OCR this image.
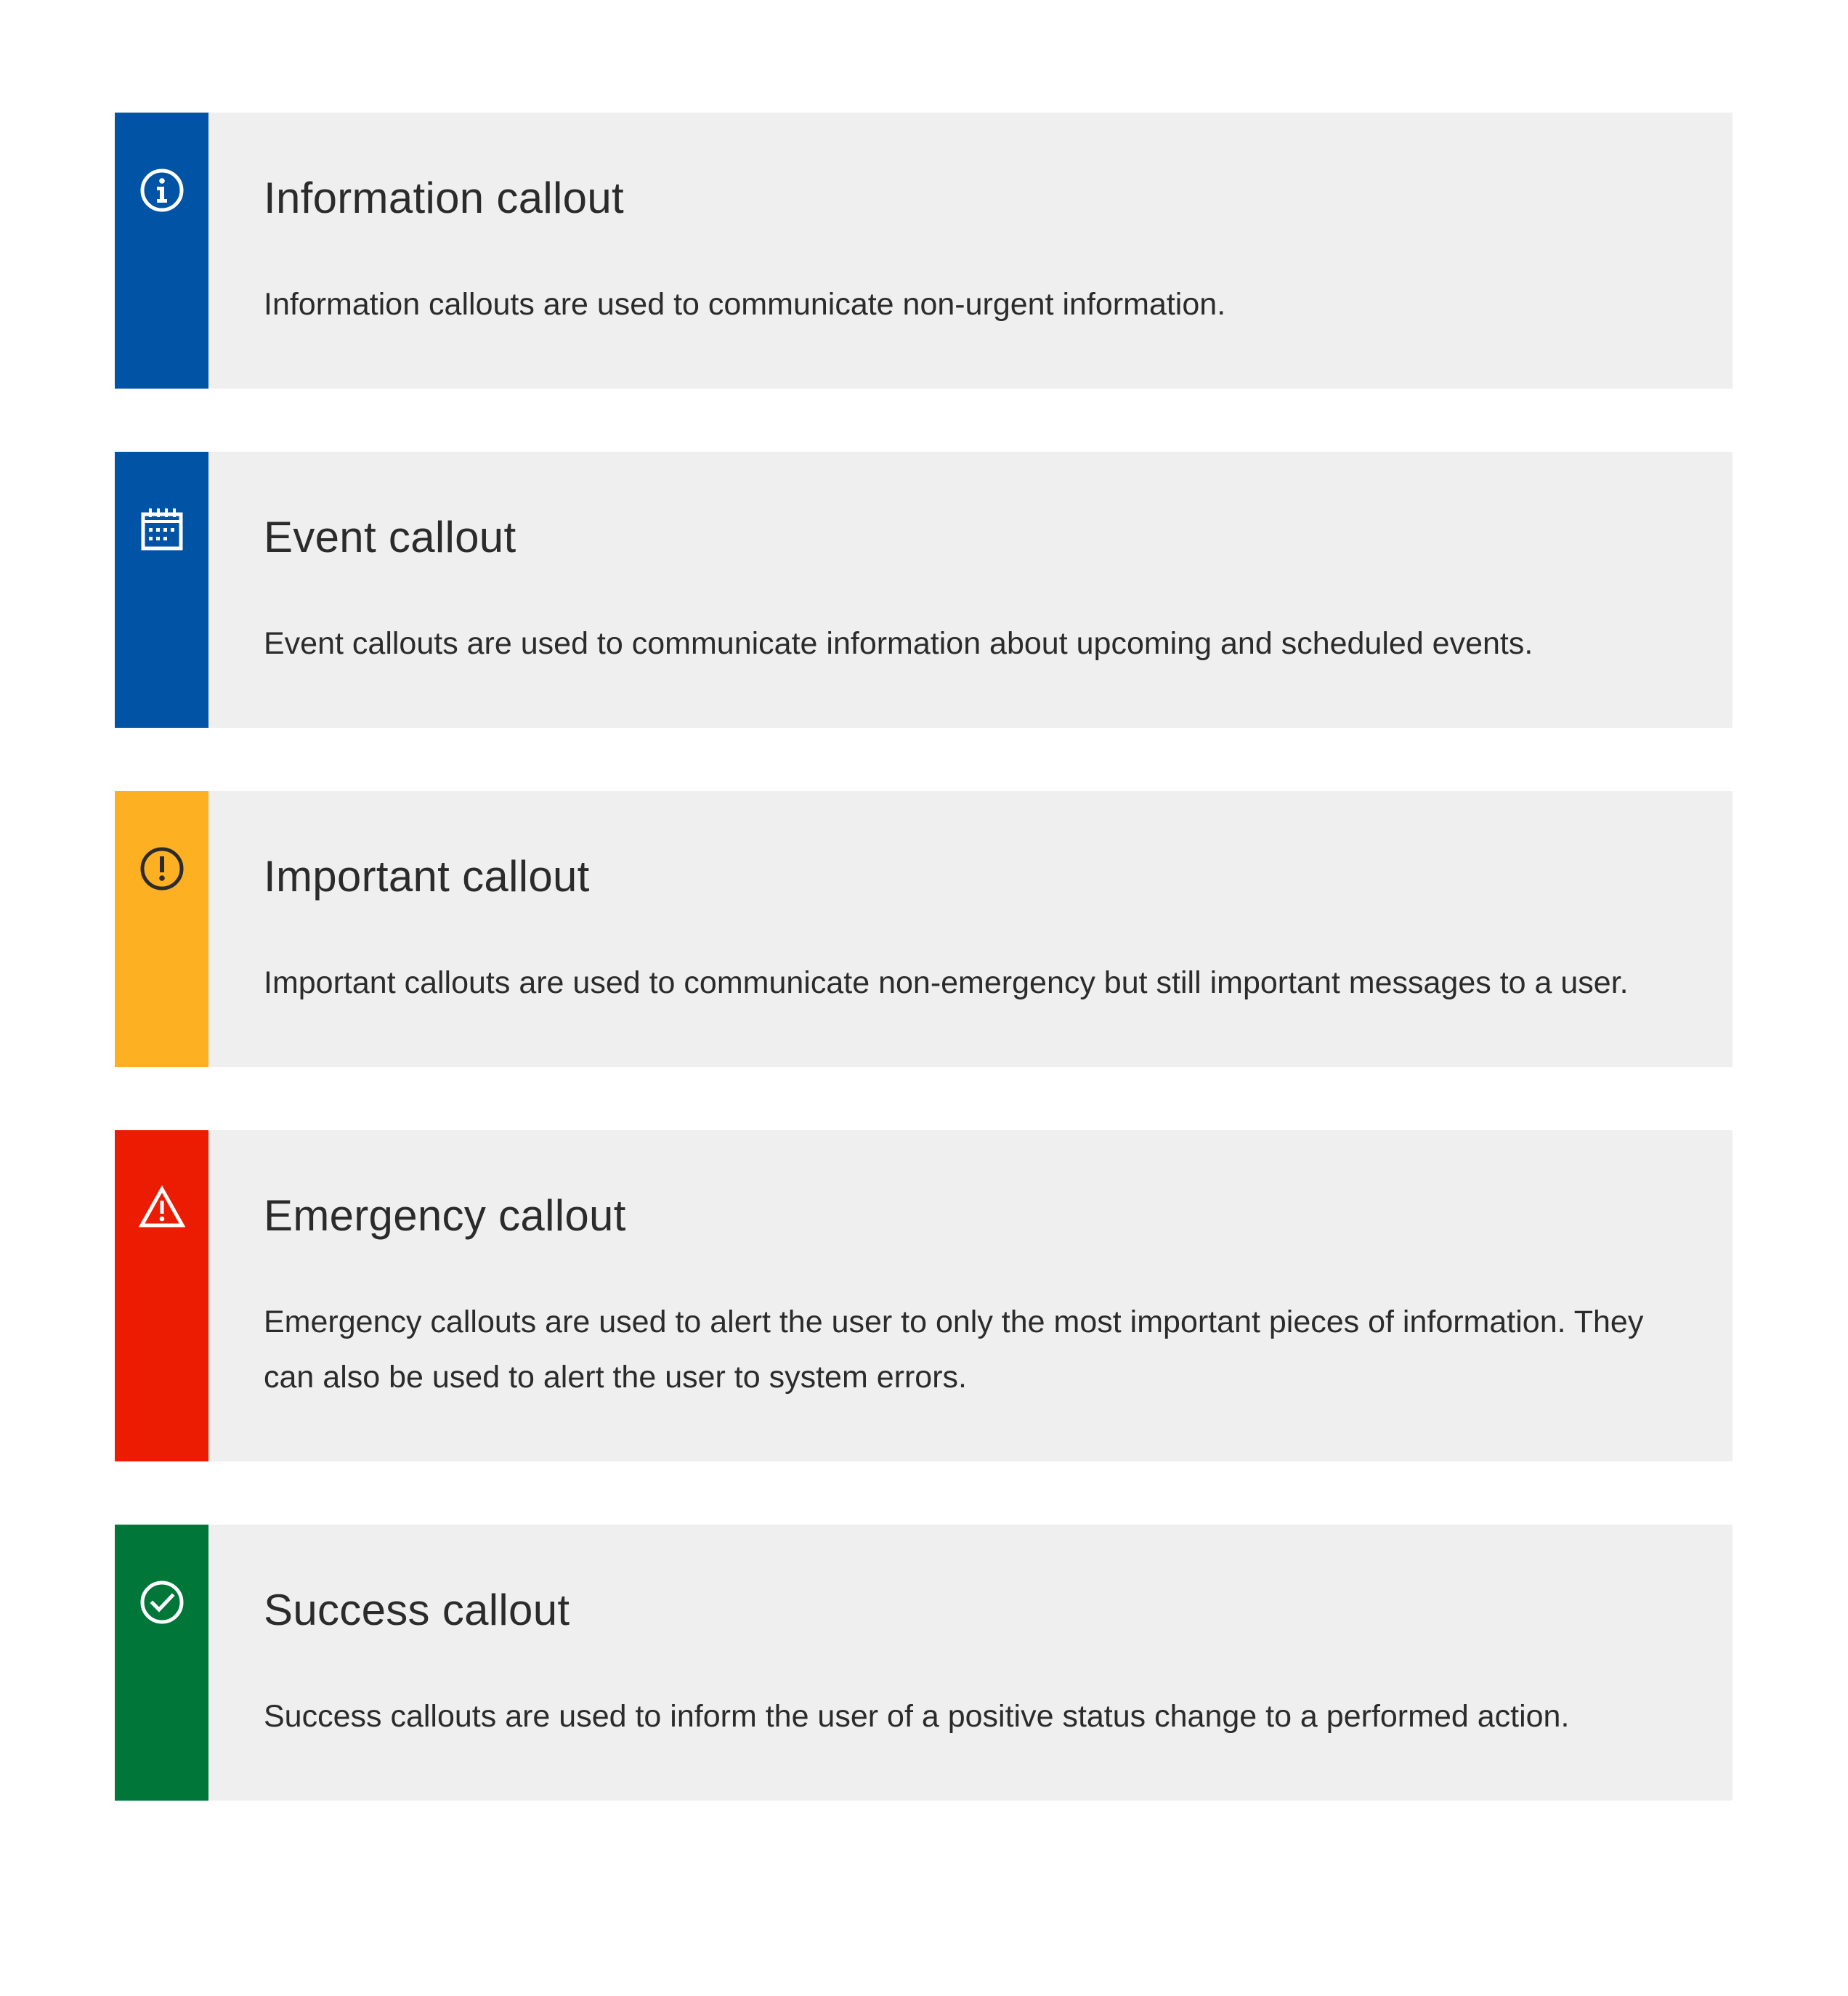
Information callout

Information callouts are used to communicate non-urgent information.

Event callout

Event callouts are used to communicate information about upcoming and scheduled events.

Important callout

Important callouts are used to communicate non-emergency but still important messages to a user.

Emergency callout

Emergency callouts are used to alert the user to only the most important pieces of information. They can also be used to alert the user to system errors.

Success callout

Success callouts are used to inform the user of a positive status change to a performed action.
